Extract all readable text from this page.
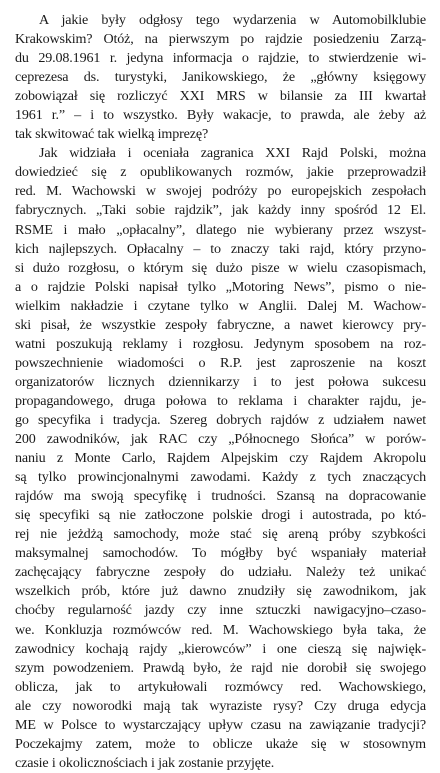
A jakie były odgłosy tego wydarzenia w Automobilklubie
Krakowskim? Otóż, na pierwszym po rajdzie posiedzeniu Zarzą-
du 29.08.1961 r. jedyna informacja o rajdzie, to stwierdzenie wi-
ceprezesa ds. turystyki, Janikowskiego, że „główny księgowy
zobowiązał się rozliczyć XXI MRS w bilansie za III kwartał
1961 r.” – i to wszystko. Były wakacje, to prawda, ale żeby aż
tak skwitować tak wielką imprezę?
Jak widziała i oceniała zagranica XXI Rajd Polski, można
dowiedzieć się z opublikowanych rozmów, jakie przeprowadził
red. M. Wachowski w swojej podróży po europejskich zespołach
fabrycznych. „Taki sobie rajdzik”, jak każdy inny spośród 12 El.
RSME i mało „opłacalny”, dlatego nie wybierany przez wszyst-
kich najlepszych. Opłacalny – to znaczy taki rajd, który przyno-
si dużo rozgłosu, o którym się dużo pisze w wielu czasopismach,
a o rajdzie Polski napisał tylko „Motoring News”, pismo o nie-
wielkim nakładzie i czytane tylko w Anglii. Dalej M. Wachow-
ski pisał, że wszystkie zespoły fabryczne, a nawet kierowcy pry-
watni poszukują reklamy i rozgłosu. Jedynym sposobem na roz-
powszechnienie wiadomości o R.P. jest zaproszenie na koszt
organizatorów licznych dziennikarzy i to jest połowa sukcesu
propagandowego, druga połowa to reklama i charakter rajdu, je-
go specyfika i tradycja. Szereg dobrych rajdów z udziałem nawet
200 zawodników, jak RAC czy „Północnego Słońca” w porów-
naniu z Monte Carlo, Rajdem Alpejskim czy Rajdem Akropolu
są tylko prowincjonalnymi zawodami. Każdy z tych znaczących
rajdów ma swoją specyfikę i trudności. Szansą na dopracowanie
się specyfiki są nie zatłoczone polskie drogi i autostrada, po któ-
rej nie jeżdżą samochody, może stać się areną próby szybkości
maksymalnej samochodów. To mógłby być wspaniały materiał
zachęcający fabryczne zespoły do udziału. Należy też unikać
wszelkich prób, które już dawno znudziły się zawodnikom, jak
choćby regularność jazdy czy inne sztuczki nawigacyjno–czaso-
we. Konkluzja rozmówców red. M. Wachowskiego była taka, że
zawodnicy kochają rajdy „kierowców” i one cieszą się najwięk-
szym powodzeniem. Prawdą było, że rajd nie dorobił się swojego
oblicza, jak to artykułowali rozmówcy red. Wachowskiego,
ale czy noworodki mają tak wyraziste rysy? Czy druga edycja
ME w Polsce to wystarczający upływ czasu na zawiązanie tradycji?
Poczekajmy zatem, może to oblicze ukaże się w stosownym
czasie i okolicznościach i jak zostanie przyjęte.
